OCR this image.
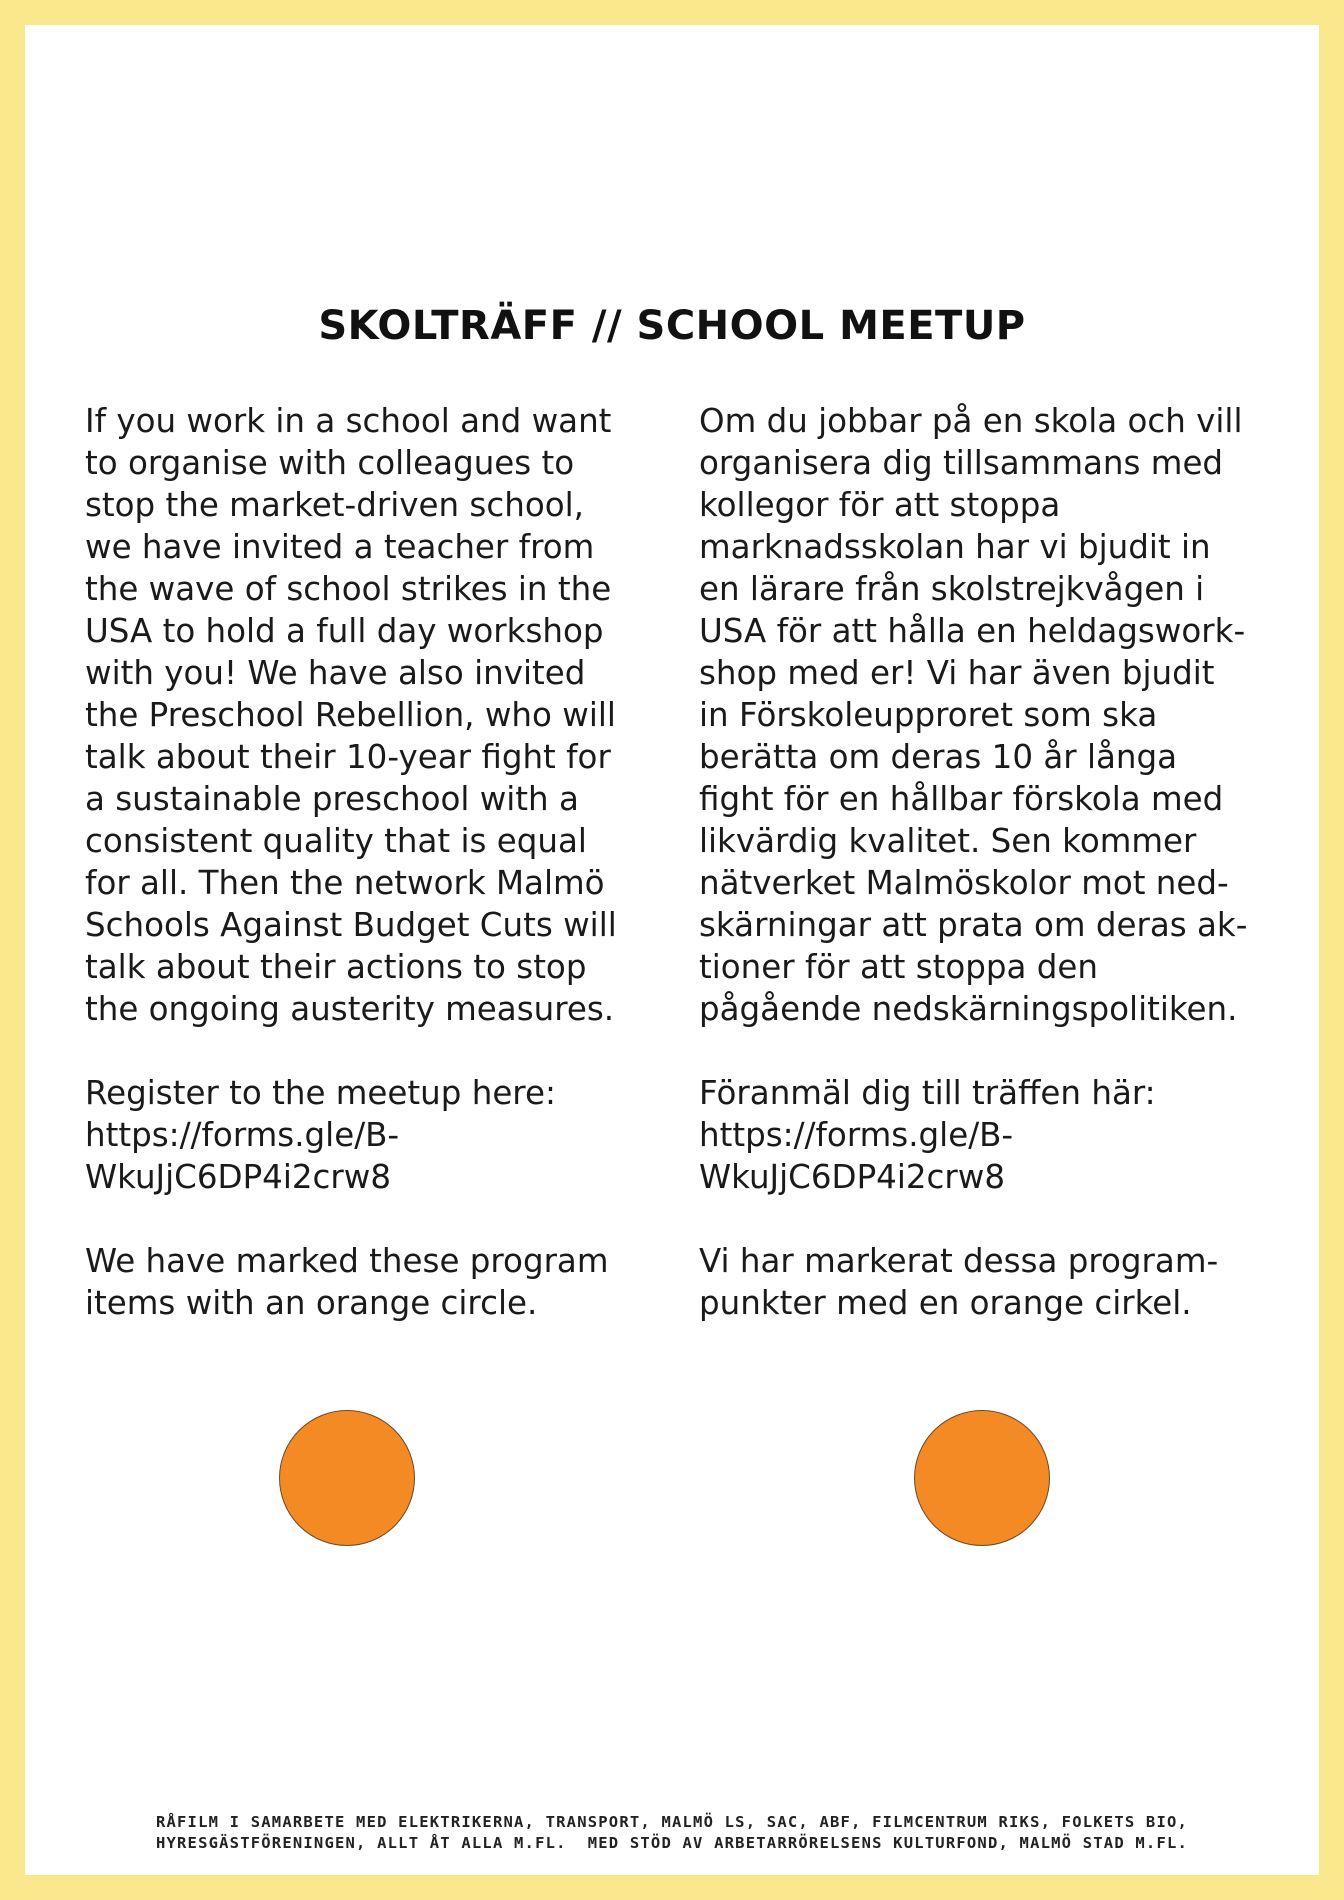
SKOLTRÄFF // SCHOOL MEETUP

If you work in a school and want
to organise with colleagues to
stop the market-driven school,
we have invited a teacher from
the wave of school strikes in the
USA to hold a full day workshop
with you! We have also invited
the Preschool Rebellion, who will
talk about their 10-year fight for
a sustainable preschool with a
consistent quality that is equal
for all. Then the network Malmö
Schools Against Budget Cuts will
talk about their actions to stop
the ongoing austerity measures.

Register to the meetup here:
https://forms.gle/B-
WkuJjC6DP4i2crw8

We have marked these program
items with an orange circle.

Om du jobbar på en skola och vill
organisera dig tillsammans med
kollegor för att stoppa
marknadsskolan har vi bjudit in
en lärare från skolstrejkvågen i
USA för att hålla en heldagswork-
shop med er! Vi har även bjudit
in Förskoleupproret som ska
berätta om deras 10 år långa
fight för en hållbar förskola med
likvärdig kvalitet. Sen kommer
nätverket Malmöskolor mot ned-
skärningar att prata om deras ak-
tioner för att stoppa den
pågående nedskärningspolitiken.

Föranmäl dig till träffen här:
https://forms.gle/B-
WkuJjC6DP4i2crw8

Vi har markerat dessa program-
punkter med en orange cirkel.

RÅFILM I SAMARBETE MED ELEKTRIKERNA, TRANSPORT, MALMÖ LS, SAC, ABF, FILMCENTRUM RIKS, FOLKETS BIO,

HYRESGÄSTFÖRENINGEN, ALLT ÅT ALLA M.FL.  MED STÖD AV ARBETARRÖRELSENS KULTURFOND, MALMÖ STAD M.FL.
